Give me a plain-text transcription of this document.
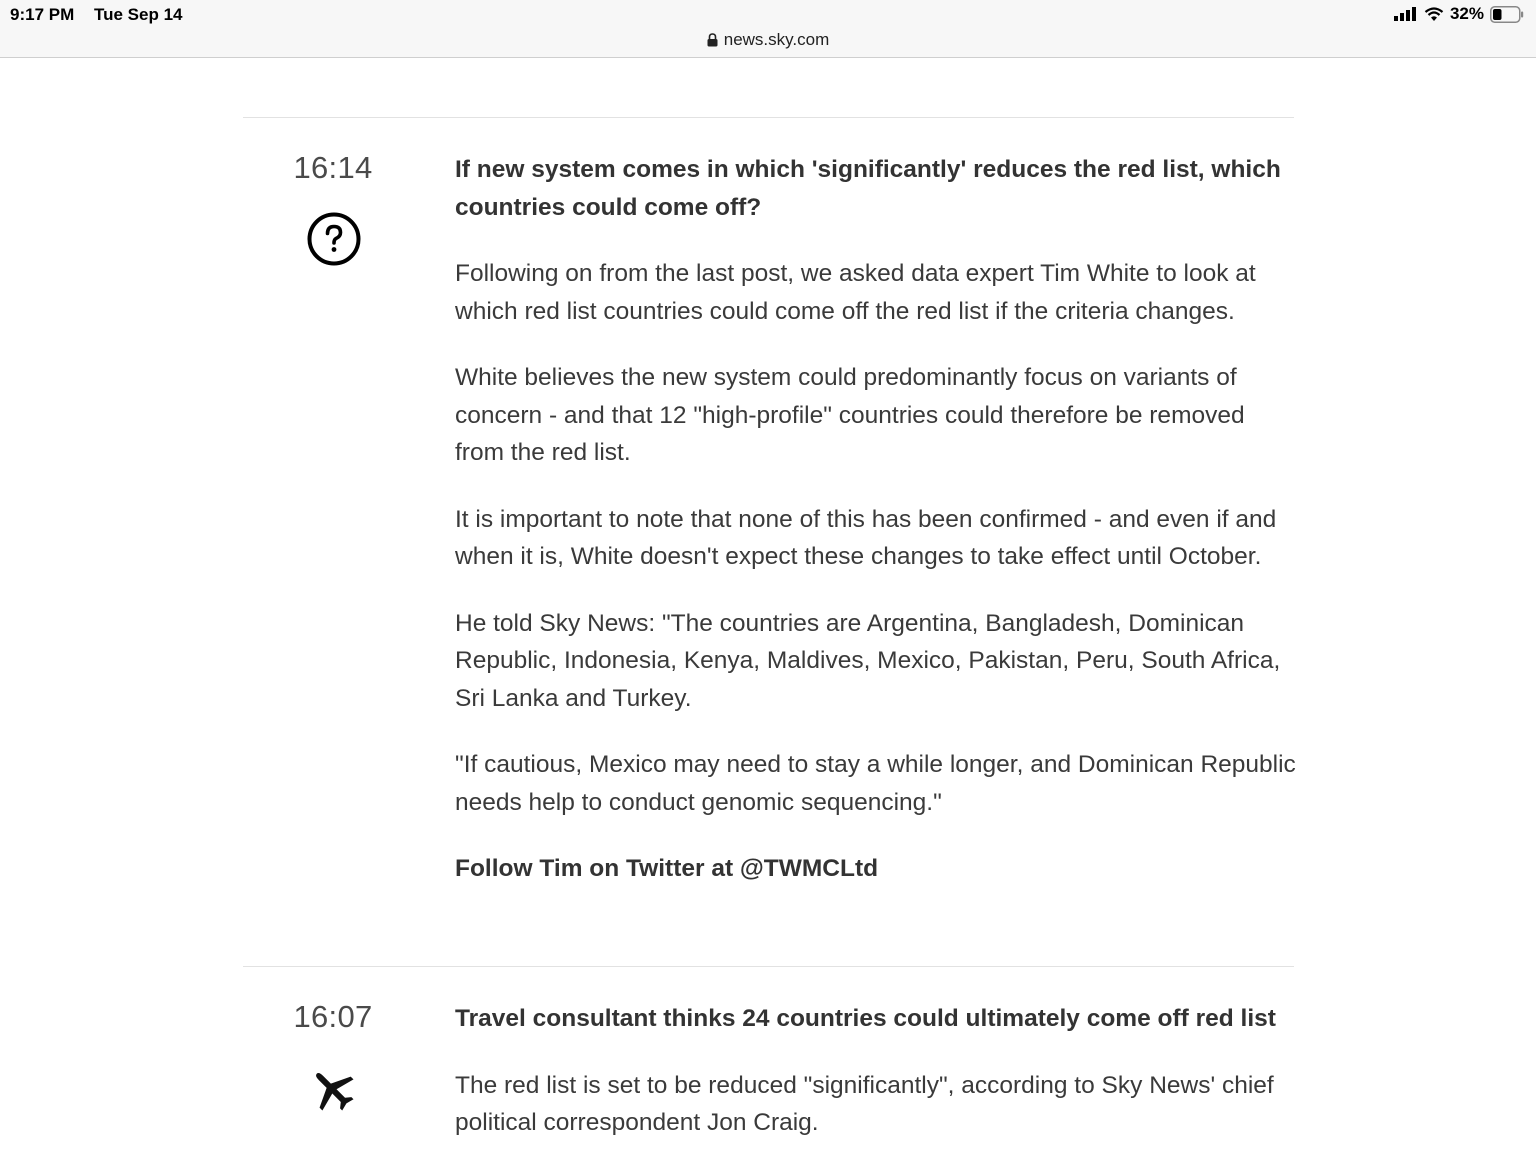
9:17 PM Tue Sep 14	32%
news.sky.com
16:14	If new system comes in which 'significantly' reduces the red list, which countries could come off?

Following on from the last post, we asked data expert Tim White to look at which red list countries could come off the red list if the criteria changes.

White believes the new system could predominantly focus on variants of concern - and that 12 "high-profile" countries could therefore be removed from the red list.

It is important to note that none of this has been confirmed - and even if and when it is, White doesn't expect these changes to take effect until October.

He told Sky News: "The countries are Argentina, Bangladesh, Dominican Republic, Indonesia, Kenya, Maldives, Mexico, Pakistan, Peru, South Africa, Sri Lanka and Turkey.

"If cautious, Mexico may need to stay a while longer, and Dominican Republic needs help to conduct genomic sequencing."

Follow Tim on Twitter at @TWMCLtd

16:07	Travel consultant thinks 24 countries could ultimately come off red list

The red list is set to be reduced "significantly", according to Sky News' chief political correspondent Jon Craig.
